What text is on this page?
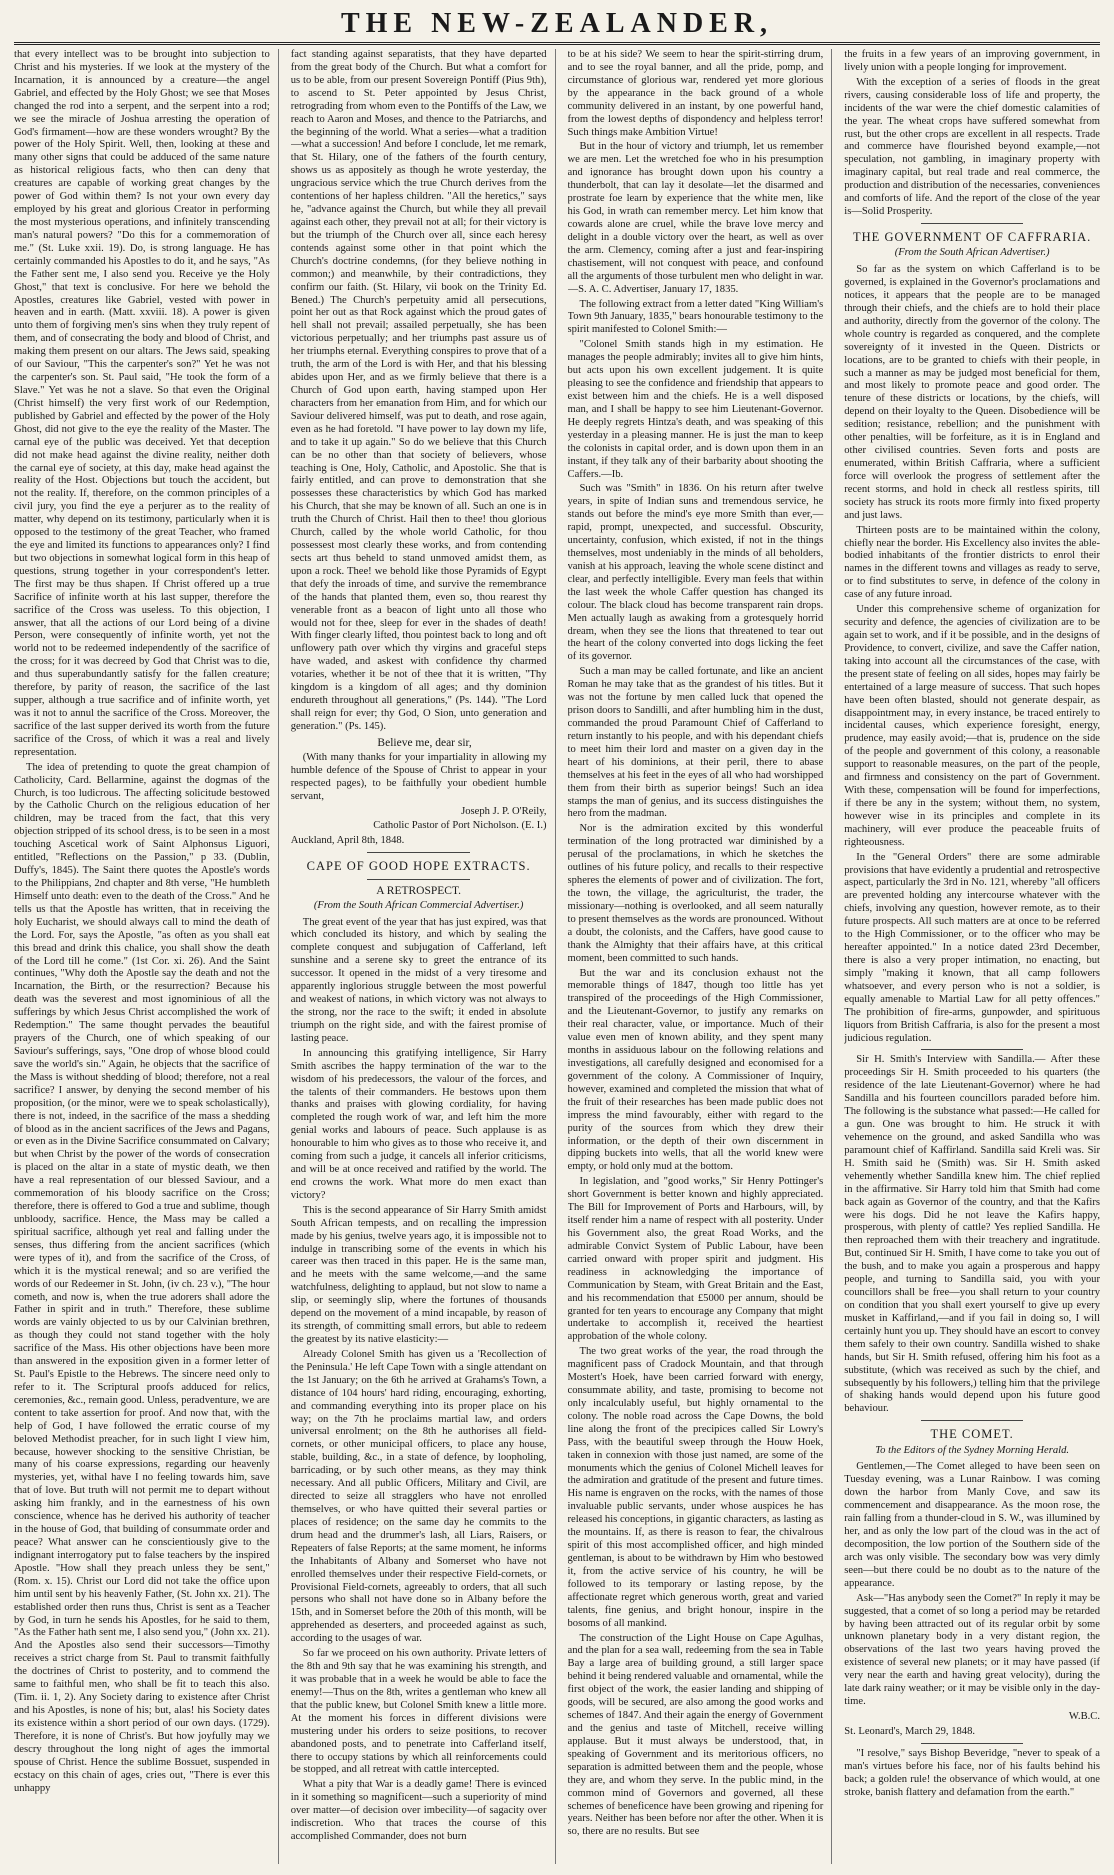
THE NEW-ZEALANDER,

that every intellect was to be brought into subjection to Christ and his mysteries. If we look at the mystery of the Incarnation, it is announced by a creature—the angel Gabriel, and effected by the Holy Ghost; we see that Moses changed the rod into a serpent, and the serpent into a rod; we see the miracle of Joshua arresting the operation of God's firmament—how are these wonders wrought? By the power of the Holy Spirit. Well, then, looking at these and many other signs that could be adduced of the same nature as historical religious facts, who then can deny that creatures are capable of working great changes by the power of God within them? Is not your own every day employed by his great and glorious Creator in performing the most mysterious operations, and infinitely transcending man's natural powers? "Do this for a commemoration of me." (St. Luke xxii. 19). Do, is strong language. He has certainly commanded his Apostles to do it, and he says, "As the Father sent me, I also send you. Receive ye the Holy Ghost," that text is conclusive. For here we behold the Apostles, creatures like Gabriel, vested with power in heaven and in earth. (Matt. xxviii. 18). A power is given unto them of forgiving men's sins when they truly repent of them, and of consecrating the body and blood of Christ, and making them present on our altars. The Jews said, speaking of our Saviour, "This the carpenter's son?" Yet he was not the carpenter's son. St. Paul said, "He took the form of a Slave." Yet was he not a slave. So that even the Original (Christ himself) the very first work of our Redemption, published by Gabriel and effected by the power of the Holy Ghost, did not give to the eye the reality of the Master. The carnal eye of the public was deceived. Yet that deception did not make head against the divine reality, neither doth the carnal eye of society, at this day, make head against the reality of the Host. Objections but touch the accident, but not the reality. If, therefore, on the common principles of a civil jury, you find the eye a perjurer as to the reality of matter, why depend on its testimony, particularly when it is opposed to the testimony of the great Teacher, who framed the eye and limited its functions to appearances only? I find but two objections in somewhat logical form in this heap of questions, strung together in your correspondent's letter. The first may be thus shapen. If Christ offered up a true Sacrifice of infinite worth at his last supper, therefore the sacrifice of the Cross was useless. To this objection, I answer, that all the actions of our Lord being of a divine Person, were consequently of infinite worth, yet not the world not to be redeemed independently of the sacrifice of the cross; for it was decreed by God that Christ was to die, and thus superabundantly satisfy for the fallen creature; therefore, by parity of reason, the sacrifice of the last supper, although a true sacrifice and of infinite worth, yet was it not to annul the sacrifice of the Cross. Moreover, the sacrifice of the last supper derived its worth from the future sacrifice of the Cross, of which it was a real and lively representation.

The idea of pretending to quote the great champion of Catholicity, Card. Bellarmine, against the dogmas of the Church, is too ludicrous. The affecting solicitude bestowed by the Catholic Church on the religious education of her children, may be traced from the fact, that this very objection stripped of its school dress, is to be seen in a most touching Ascetical work of Saint Alphonsus Liguori, entitled, "Reflections on the Passion," p 33. (Dublin, Duffy's, 1845). The Saint there quotes the Apostle's words to the Philippians, 2nd chapter and 8th verse, "He humbleth Himself unto death: even to the death of the Cross." And he tells us that the Apostle has written, that in receiving the holy Eucharist, we should always call to mind the death of the Lord. For, says the Apostle, "as often as you shall eat this bread and drink this chalice, you shall show the death of the Lord till he come." (1st Cor. xi. 26). And the Saint continues, "Why doth the Apostle say the death and not the Incarnation, the Birth, or the resurrection? Because his death was the severest and most ignominious of all the sufferings by which Jesus Christ accomplished the work of Redemption." The same thought pervades the beautiful prayers of the Church, one of which speaking of our Saviour's sufferings, says, "One drop of whose blood could save the world's sin." Again, he objects that the sacrifice of the Mass is without shedding of blood; therefore, not a real sacrifice? I answer, by denying the second member of his proposition, (or the minor, were we to speak scholastically), there is not, indeed, in the sacrifice of the mass a shedding of blood as in the ancient sacrifices of the Jews and Pagans, or even as in the Divine Sacrifice consummated on Calvary; but when Christ by the power of the words of consecration is placed on the altar in a state of mystic death, we then have a real representation of our blessed Saviour, and a commemoration of his bloody sacrifice on the Cross; therefore, there is offered to God a true and sublime, though unbloody, sacrifice. Hence, the Mass may be called a spiritual sacrifice, although yet real and falling under the senses, thus differing from the ancient sacrifices (which were types of it), and from the sacrifice of the Cross, of which it is the mystical renewal; and so are verified the words of our Redeemer in St. John, (iv ch. 23 v.), "The hour cometh, and now is, when the true adorers shall adore the Father in spirit and in truth." Therefore, these sublime words are vainly objected to us by our Calvinian brethren, as though they could not stand together with the holy sacrifice of the Mass. His other objections have been more than answered in the exposition given in a former letter of St. Paul's Epistle to the Hebrews. The sincere need only to refer to it. The Scriptural proofs adduced for relics, ceremonies, &c., remain good. Unless, peradventure, we are content to take assertion for proof. And now that, with the help of God, I have followed the erratic course of my beloved Methodist preacher, for in such light I view him, because, however shocking to the sensitive Christian, be many of his coarse expressions, regarding our heavenly mysteries, yet, withal have I no feeling towards him, save that of love. But truth will not permit me to depart without asking him frankly, and in the earnestness of his own conscience, whence has he derived his authority of teacher in the house of God, that building of consummate order and peace? What answer can he conscientiously give to the indignant interrogatory put to false teachers by the inspired Apostle. "How shall they preach unless they be sent," (Rom. x. 15). Christ our Lord did not take the office upon him until sent by his heavenly Father, (St. John xx. 21). The established order then runs thus, Christ is sent as a Teacher by God, in turn he sends his Apostles, for he said to them, "As the Father hath sent me, I also send you," (John xx. 21). And the Apostles also send their successors—Timothy receives a strict charge from St. Paul to transmit faithfully the doctrines of Christ to posterity, and to commend the same to faithful men, who shall be fit to teach this also. (Tim. ii. 1, 2). Any Society daring to existence after Christ and his Apostles, is none of his; but, alas! his Society dates its existence within a short period of our own days. (1729). Therefore, it is none of Christ's. But how joyfully may we descry throughout the long night of ages the immortal spouse of Christ. Hence the sublime Bossuet, suspended in ecstacy on this chain of ages, cries out, "There is ever this unhappy

fact standing against separatists, that they have departed from the great body of the Church. But what a comfort for us to be able, from our present Sovereign Pontiff (Pius 9th), to ascend to St. Peter appointed by Jesus Christ, retrograding from whom even to the Pontiffs of the Law, we reach to Aaron and Moses, and thence to the Patriarchs, and the beginning of the world. What a series—what a tradition—what a succession! And before I conclude, let me remark, that St. Hilary, one of the fathers of the fourth century, shows us as appositely as though he wrote yesterday, the ungracious service which the true Church derives from the contentions of her hapless children. "All the heretics," says he, "advance against the Church, but while they all prevail against each other, they prevail not at all; for their victory is but the triumph of the Church over all, since each heresy contends against some other in that point which the Church's doctrine condemns, (for they believe nothing in common;) and meanwhile, by their contradictions, they confirm our faith. (St. Hilary, vii book on the Trinity Ed. Bened.) The Church's perpetuity amid all persecutions, point her out as that Rock against which the proud gates of hell shall not prevail; assailed perpetually, she has been victorious perpetually; and her triumphs past assure us of her triumphs eternal. Everything conspires to prove that of a truth, the arm of the Lord is with Her, and that his blessing abides upon Her, and as we firmly believe that there is a Church of God upon earth, having stamped upon Her characters from her emanation from Him, and for which our Saviour delivered himself, was put to death, and rose again, even as he had foretold. "I have power to lay down my life, and to take it up again." So do we believe that this Church can be no other than that society of believers, whose teaching is One, Holy, Catholic, and Apostolic. She that is fairly entitled, and can prove to demonstration that she possesses these characteristics by which God has marked his Church, that she may be known of all. Such an one is in truth the Church of Christ. Hail then to thee! thou glorious Church, called by the whole world Catholic, for thou possessest most clearly these works, and from contending sects art thus beheld to stand unmoved amidst them, as upon a rock. Thee! we behold like those Pyramids of Egypt that defy the inroads of time, and survive the remembrance of the hands that planted them, even so, thou rearest thy venerable front as a beacon of light unto all those who would not for thee, sleep for ever in the shades of death! With finger clearly lifted, thou pointest back to long and oft unflowery path over which thy virgins and graceful steps have waded, and askest with confidence thy charmed votaries, whether it be not of thee that it is written, "Thy kingdom is a kingdom of all ages; and thy dominion endureth throughout all generations," (Ps. 144). "The Lord shall reign for ever; thy God, O Sion, unto generation and generation." (Ps. 145).

Believe me, dear sir,

(With many thanks for your impartiality in allowing my humble defence of the Spouse of Christ to appear in your respected pages), to be faithfully your obedient humble servant,

Joseph J. P. O'Reily,

Catholic Pastor of Port Nicholson. (E. I.)

Auckland, April 8th, 1848.

CAPE OF GOOD HOPE EXTRACTS.
A RETROSPECT.
(From the South African Commercial Advertiser.)

The great event of the year that has just expired, was that which concluded its history, and which by sealing the complete conquest and subjugation of Cafferland, left sunshine and a serene sky to greet the entrance of its successor. It opened in the midst of a very tiresome and apparently inglorious struggle between the most powerful and weakest of nations, in which victory was not always to the strong, nor the race to the swift; it ended in absolute triumph on the right side, and with the fairest promise of lasting peace.

In announcing this gratifying intelligence, Sir Harry Smith ascribes the happy termination of the war to the wisdom of his predecessors, the valour of the forces, and the talents of their commanders. He bestows upon them thanks and praises with glowing cordiality, for having completed the rough work of war, and left him the more genial works and labours of peace. Such applause is as honourable to him who gives as to those who receive it, and coming from such a judge, it cancels all inferior criticisms, and will be at once received and ratified by the world. The end crowns the work. What more do men exact than victory?

This is the second appearance of Sir Harry Smith amidst South African tempests, and on recalling the impression made by his genius, twelve years ago, it is impossible not to indulge in transcribing some of the events in which his career was then traced in this paper. He is the same man, and he meets with the same welcome,—and the same watchfulness, delighting to applaud, but not slow to name a slip, or seemingly slip, where the fortunes of thousands depend on the movement of a mind incapable, by reason of its strength, of committing small errors, but able to redeem the greatest by its native elasticity:—

Already Colonel Smith has given us a 'Recollection of the Peninsula.' He left Cape Town with a single attendant on the 1st January; on the 6th he arrived at Grahams's Town, a distance of 104 hours' hard riding, encouraging, exhorting, and commanding everything into its proper place on his way; on the 7th he proclaims martial law, and orders universal enrolment; on the 8th he authorises all field-cornets, or other municipal officers, to place any house, stable, building, &c., in a state of defence, by loopholing, barricading, or by such other means, as they may think necessary. And all public Officers, Military and Civil, are directed to seize all stragglers who have not enrolled themselves, or who have quitted their several parties or places of residence; on the same day he commits to the drum head and the drummer's lash, all Liars, Raisers, or Repeaters of false Reports; at the same moment, he informs the Inhabitants of Albany and Somerset who have not enrolled themselves under their respective Field-cornets, or Provisional Field-cornets, agreeably to orders, that all such persons who shall not have done so in Albany before the 15th, and in Somerset before the 20th of this month, will be apprehended as deserters, and proceeded against as such, according to the usages of war.

So far we proceed on his own authority. Private letters of the 8th and 9th say that he was examining his strength, and it was probable that in a week he would be able to face the enemy!—Thus on the 8th, writes a gentleman who knew all that the public knew, but Colonel Smith knew a little more. At the moment his forces in different divisions were mustering under his orders to seize positions, to recover abandoned posts, and to penetrate into Cafferland itself, there to occupy stations by which all reinforcements could be stopped, and all retreat with cattle intercepted.

What a pity that War is a deadly game! There is evinced in it something so magnificent—such a superiority of mind over matter—of decision over imbecility—of sagacity over indiscretion. Who that traces the course of this accomplished Commander, does not burn

to be at his side? We seem to hear the spirit-stirring drum, and to see the royal banner, and all the pride, pomp, and circumstance of glorious war, rendered yet more glorious by the appearance in the back ground of a whole community delivered in an instant, by one powerful hand, from the lowest depths of dispondency and helpless terror! Such things make Ambition Virtue!

But in the hour of victory and triumph, let us remember we are men. Let the wretched foe who in his presumption and ignorance has brought down upon his country a thunderbolt, that can lay it desolate—let the disarmed and prostrate foe learn by experience that the white men, like his God, in wrath can remember mercy. Let him know that cowards alone are cruel, while the brave love mercy and delight in a double victory over the heart, as well as over the arm. Clemency, coming after a just and fear-inspiring chastisement, will not conquest with peace, and confound all the arguments of those turbulent men who delight in war.—S. A. C. Advertiser, January 17, 1835.

The following extract from a letter dated "King William's Town 9th January, 1835," bears honourable testimony to the spirit manifested to Colonel Smith:—

"Colonel Smith stands high in my estimation. He manages the people admirably; invites all to give him hints, but acts upon his own excellent judgement. It is quite pleasing to see the confidence and friendship that appears to exist between him and the chiefs. He is a well disposed man, and I shall be happy to see him Lieutenant-Governor. He deeply regrets Hintza's death, and was speaking of this yesterday in a pleasing manner. He is just the man to keep the colonists in capital order, and is down upon them in an instant, if they talk any of their barbarity about shooting the Caffers.—Ib.

Such was "Smith" in 1836. On his return after twelve years, in spite of Indian suns and tremendous service, he stands out before the mind's eye more Smith than ever,—rapid, prompt, unexpected, and successful. Obscurity, uncertainty, confusion, which existed, if not in the things themselves, most undeniably in the minds of all beholders, vanish at his approach, leaving the whole scene distinct and clear, and perfectly intelligible. Every man feels that within the last week the whole Caffer question has changed its colour. The black cloud has become transparent rain drops. Men actually laugh as awaking from a grotesquely horrid dream, when they see the lions that threatened to tear out the heart of the colony converted into dogs licking the feet of its governor.

Such a man may be called fortunate, and like an ancient Roman he may take that as the grandest of his titles. But it was not the fortune by men called luck that opened the prison doors to Sandilli, and after humbling him in the dust, commanded the proud Paramount Chief of Cafferland to return instantly to his people, and with his dependant chiefs to meet him their lord and master on a given day in the heart of his dominions, at their peril, there to abase themselves at his feet in the eyes of all who had worshipped them from their birth as superior beings! Such an idea stamps the man of genius, and its success distinguishes the hero from the madman.

Nor is the admiration excited by this wonderful termination of the long protracted war diminished by a perusal of the proclamations, in which he sketches the outlines of his future policy, and recalls to their respective spheres the elements of power and of civilization. The fort, the town, the village, the agriculturist, the trader, the missionary—nothing is overlooked, and all seem naturally to present themselves as the words are pronounced. Without a doubt, the colonists, and the Caffers, have good cause to thank the Almighty that their affairs have, at this critical moment, been committed to such hands.

But the war and its conclusion exhaust not the memorable things of 1847, though too little has yet transpired of the proceedings of the High Commissioner, and the Lieutenant-Governor, to justify any remarks on their real character, value, or importance. Much of their value even men of known ability, and they spent many months in assiduous labour on the following relations and investigations, all carefully designed and economised for a government of the colony. A Commissioner of Inquiry, however, examined and completed the mission that what of the fruit of their researches has been made public does not impress the mind favourably, either with regard to the purity of the sources from which they drew their information, or the depth of their own discernment in dipping buckets into wells, that all the world knew were empty, or hold only mud at the bottom.

In legislation, and "good works," Sir Henry Pottinger's short Government is better known and highly appreciated. The Bill for Improvement of Ports and Harbours, will, by itself render him a name of respect with all posterity. Under his Government also, the great Road Works, and the admirable Convict System of Public Labour, have been carried onward with proper spirit and judgment. His readiness in acknowledging the importance of Communication by Steam, with Great Britain and the East, and his recommendation that £5000 per annum, should be granted for ten years to encourage any Company that might undertake to accomplish it, received the heartiest approbation of the whole colony.

The two great works of the year, the road through the magnificent pass of Cradock Mountain, and that through Mostert's Hoek, have been carried forward with energy, consummate ability, and taste, promising to become not only incalculably useful, but highly ornamental to the colony. The noble road across the Cape Downs, the bold line along the front of the precipices called Sir Lowry's Pass, with the beautiful sweep through the Houw Hoek, taken in connexion with those just named, are some of the monuments which the genius of Colonel Michell leaves for the admiration and gratitude of the present and future times. His name is engraven on the rocks, with the names of those invaluable public servants, under whose auspices he has released his conceptions, in gigantic characters, as lasting as the mountains. If, as there is reason to fear, the chivalrous spirit of this most accomplished officer, and high minded gentleman, is about to be withdrawn by Him who bestowed it, from the active service of his country, he will be followed to its temporary or lasting repose, by the affectionate regret which generous worth, great and varied talents, fine genius, and bright honour, inspire in the bosoms of all mankind.

The construction of the Light House on Cape Agulhas, and the plan for a sea wall, redeeming from the sea in Table Bay a large area of building ground, a still larger space behind it being rendered valuable and ornamental, while the first object of the work, the easier landing and shipping of goods, will be secured, are also among the good works and schemes of 1847. And their again the energy of Government and the genius and taste of Mitchell, receive willing applause. But it must always be understood, that, in speaking of Government and its meritorious officers, no separation is admitted between them and the people, whose they are, and whom they serve. In the public mind, in the common mind of Governors and governed, all these schemes of beneficence have been growing and ripening for years. Neither has been before nor after the other. When it is so, there are no results. But see

the fruits in a few years of an improving government, in lively union with a people longing for improvement.

With the exception of a series of floods in the great rivers, causing considerable loss of life and property, the incidents of the war were the chief domestic calamities of the year. The wheat crops have suffered somewhat from rust, but the other crops are excellent in all respects. Trade and commerce have flourished beyond example,—not speculation, not gambling, in imaginary property with imaginary capital, but real trade and real commerce, the production and distribution of the necessaries, conveniences and comforts of life. And the report of the close of the year is—Solid Prosperity.

THE GOVERNMENT OF CAFFRARIA.
(From the South African Advertiser.)

So far as the system on which Cafferland is to be governed, is explained in the Governor's proclamations and notices, it appears that the people are to be managed through their chiefs, and the chiefs are to hold their place and authority, directly from the governor of the colony. The whole country is regarded as conquered, and the complete sovereignty of it invested in the Queen. Districts or locations, are to be granted to chiefs with their people, in such a manner as may be judged most beneficial for them, and most likely to promote peace and good order. The tenure of these districts or locations, by the chiefs, will depend on their loyalty to the Queen. Disobedience will be sedition; resistance, rebellion; and the punishment with other penalties, will be forfeiture, as it is in England and other civilised countries. Seven forts and posts are enumerated, within British Caffraria, where a sufficient force will overlook the progress of settlement after the recent storms, and hold in check all restless spirits, till society has struck its roots more firmly into fixed property and just laws.

Thirteen posts are to be maintained within the colony, chiefly near the border. His Excellency also invites the able-bodied inhabitants of the frontier districts to enrol their names in the different towns and villages as ready to serve, or to find substitutes to serve, in defence of the colony in case of any future inroad.

Under this comprehensive scheme of organization for security and defence, the agencies of civilization are to be again set to work, and if it be possible, and in the designs of Providence, to convert, civilize, and save the Caffer nation, taking into account all the circumstances of the case, with the present state of feeling on all sides, hopes may fairly be entertained of a large measure of success. That such hopes have been often blasted, should not generate despair, as disappointment may, in every instance, be traced entirely to incidental causes, which experience foresight, energy, prudence, may easily avoid;—that is, prudence on the side of the people and government of this colony, a reasonable support to reasonable measures, on the part of the people, and firmness and consistency on the part of Government. With these, compensation will be found for imperfections, if there be any in the system; without them, no system, however wise in its principles and complete in its machinery, will ever produce the peaceable fruits of righteousness.

In the "General Orders" there are some admirable provisions that have evidently a prudential and retrospective aspect, particularly the 3rd in No. 121, whereby "all officers are prevented holding any intercourse whatever with the chiefs, involving any question, however remote, as to their future prospects. All such matters are at once to be referred to the High Commissioner, or to the officer who may be hereafter appointed." In a notice dated 23rd December, there is also a very proper intimation, no enacting, but simply "making it known, that all camp followers whatsoever, and every person who is not a soldier, is equally amenable to Martial Law for all petty offences." The prohibition of fire-arms, gunpowder, and spirituous liquors from British Caffraria, is also for the present a most judicious regulation.

Sir H. Smith's Interview with Sandilla.— After these proceedings Sir H. Smith proceeded to his quarters (the residence of the late Lieutenant-Governor) where he had Sandilla and his fourteen councillors paraded before him. The following is the substance what passed:—He called for a gun. One was brought to him. He struck it with vehemence on the ground, and asked Sandilla who was paramount chief of Kaffirland. Sandilla said Kreli was. Sir H. Smith said he (Smith) was. Sir H. Smith asked vehemently whether Sandilla knew him. The chief replied in the affirmative. Sir Harry told him that Smith had come back again as Governor of the country, and that the Kafirs were his dogs. Did he not leave the Kafirs happy, prosperous, with plenty of cattle? Yes replied Sandilla. He then reproached them with their treachery and ingratitude. But, continued Sir H. Smith, I have come to take you out of the bush, and to make you again a prosperous and happy people, and turning to Sandilla said, you with your councillors shall be free—you shall return to your country on condition that you shall exert yourself to give up every musket in Kaffirland,—and if you fail in doing so, I will certainly hunt you up. They should have an escort to convey them safely to their own country. Sandilla wished to shake hands, but Sir H. Smith refused, offering him his foot as a substitute, (which was received as such by the chief, and subsequently by his followers,) telling him that the privilege of shaking hands would depend upon his future good behaviour.

THE COMET.
To the Editors of the Sydney Morning Herald.

Gentlemen,—The Comet alleged to have been seen on Tuesday evening, was a Lunar Rainbow. I was coming down the harbor from Manly Cove, and saw its commencement and disappearance. As the moon rose, the rain falling from a thunder-cloud in S. W., was illumined by her, and as only the low part of the cloud was in the act of decomposition, the low portion of the Southern side of the arch was only visible. The secondary bow was very dimly seen—but there could be no doubt as to the nature of the appearance.

Ask—"Has anybody seen the Comet?" In reply it may be suggested, that a comet of so long a period may be retarded by having been attracted out of its regular orbit by some unknown planetary body in a very distant region, the observations of the last two years having proved the existence of several new planets; or it may have passed (if very near the earth and having great velocity), during the late dark rainy weather; or it may be visible only in the day-time.

W.B.C.

St. Leonard's, March 29, 1848.

"I resolve," says Bishop Beveridge, "never to speak of a man's virtues before his face, nor of his faults behind his back; a golden rule! the observance of which would, at one stroke, banish flattery and defamation from the earth."
